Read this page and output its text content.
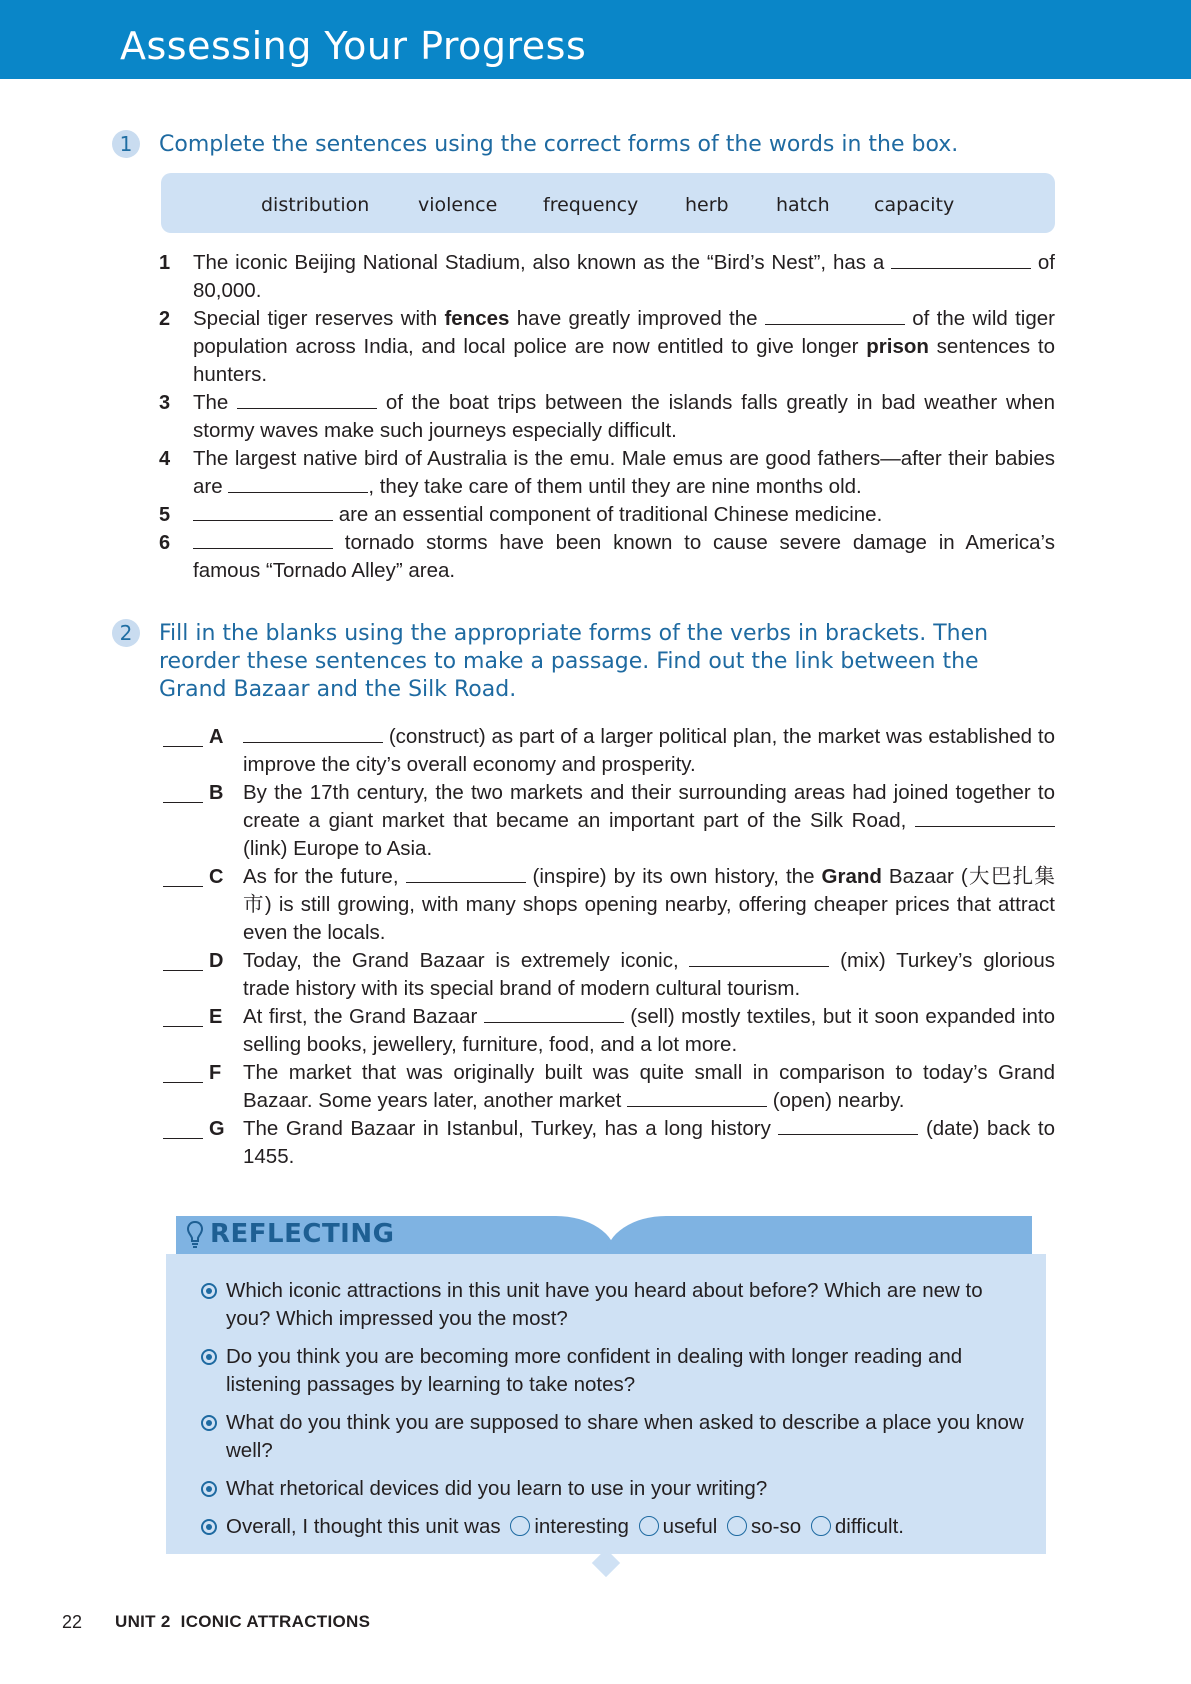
Assessing Your Progress
1	Complete the sentences using the correct forms of the words in the box.
distribution	violence frequency herb hatch capacity
1 The iconic Beijing National Stadium, also known as the “Bird’s Nest”, has a	of 80,000.
2 Special tiger reserves with fences have greatly improved the	of the wild tiger population across India, and local police are now entitled to give longer prison sentences to hunters.
3 The	of the boat trips between the islands falls greatly in bad weather when stormy waves make such journeys especially difficult.
4 The largest native bird of Australia is the emu. Male emus are good fathers—after their babies are	, they take care of them until they are nine months old.
5	are an essential component of traditional Chinese medicine.
6	tornado storms have been known to cause severe damage in America’s famous “Tornado Alley” area.
2	Fill in the blanks using the appropriate forms of the verbs in brackets. Then reorder these sentences to make a passage. Find out the link between the Grand Bazaar and the Silk Road.
A	(construct) as part of a larger political plan, the market was established to improve the city’s overall economy and prosperity.
B By the 17th century, the two markets and their surrounding areas had joined together to create a giant market that became an important part of the Silk Road,  (link) Europe to Asia.
C As for the future,	(inspire) by its own history, the Grand Bazaar (大巴扎集市) is still growing, with many shops opening nearby, offering cheaper prices that attract even the locals.
D Today, the Grand Bazaar is extremely iconic,	(mix) Turkey’s glorious trade history with its special brand of modern cultural tourism.
E At first, the Grand Bazaar	(sell) mostly textiles, but it soon expanded into selling books, jewellery, furniture, food, and a lot more.
F The market that was originally built was quite small in comparison to today’s Grand Bazaar. Some years later, another market	(open) nearby.
G The Grand Bazaar in Istanbul, Turkey, has a long history	(date) back to 1455.
REFLECTING
Which iconic attractions in this unit have you heard about before? Which are new to you? Which impressed you the most?
Do you think you are becoming more confident in dealing with longer reading and listening passages by learning to take notes?
What do you think you are supposed to share when asked to describe a place you know well?
What rhetorical devices did you learn to use in your writing?
Overall, I thought this unit was interesting useful so-so difficult.
22 UNIT 2  ICONIC ATTRACTIONS
